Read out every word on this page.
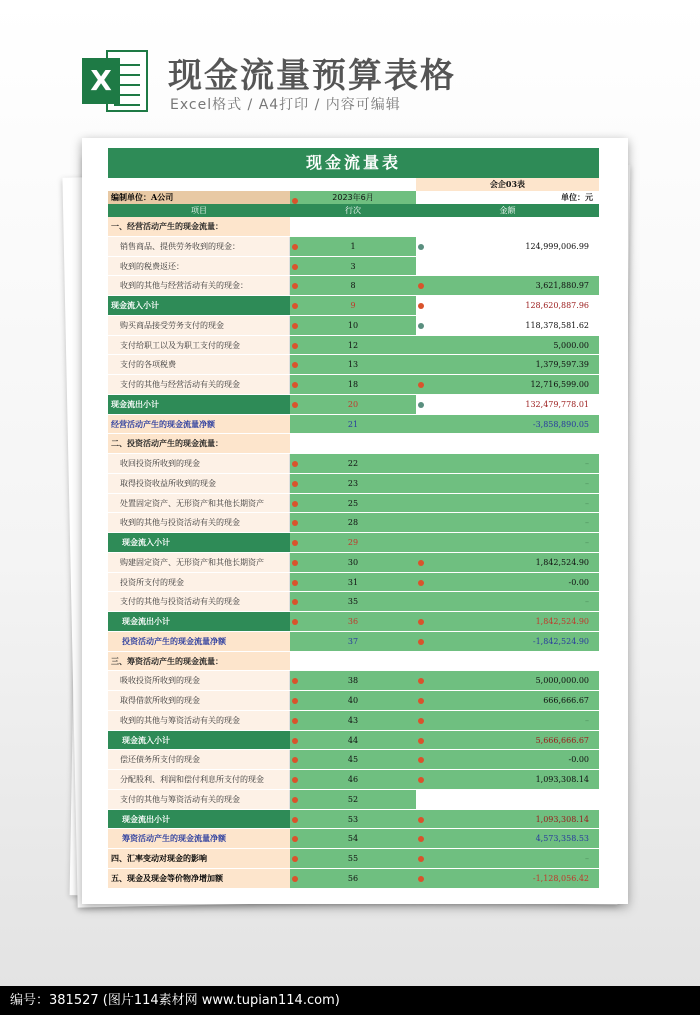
X 现金流量预算表格
Excel格式 / A4打印 / 内容可编辑
现金流量表
会企03表
编制单位：A公司	2023年6月	单位：元
项目	行次	金额
一、经营活动产生的现金流量：
销售商品、提供劳务收到的现金：	1	124,999,006.99
收到的税费返还：	3
收到的其他与经营活动有关的现金：	8	3,621,880.97
现金流入小计	9	128,620,887.96
购买商品接受劳务支付的现金	10	118,378,581.62
支付给职工以及为职工支付的现金	12	5,000.00
支付的各项税费	13	1,379,597.39
支付的其他与经营活动有关的现金	18	12,716,599.00
现金流出小计	20	132,479,778.01
经营活动产生的现金流量净额	21	-3,858,890.05
二、投资活动产生的现金流量：
收回投资所收到的现金	22	–
取得投资收益所收到的现金	23	–
处置固定资产、无形资产和其他长期资产	25	–
收到的其他与投资活动有关的现金	28	–
现金流入小计	29	–
购建固定资产、无形资产和其他长期资产	30	1,842,524.90
投资所支付的现金	31	-0.00
支付的其他与投资活动有关的现金	35	–
现金流出小计	36	1,842,524.90
投资活动产生的现金流量净额	37	-1,842,524.90
三、筹资活动产生的现金流量：
吸收投资所收到的现金	38	5,000,000.00
取得借款所收到的现金	40	666,666.67
收到的其他与筹资活动有关的现金	43	–
现金流入小计	44	5,666,666.67
偿还债务所支付的现金	45	-0.00
分配股利、利润和偿付利息所支付的现金	46	1,093,308.14
支付的其他与筹资活动有关的现金	52
现金流出小计	53	1,093,308.14
筹资活动产生的现金流量净额	54	4,573,358.53
四、汇率变动对现金的影响	55	–
五、现金及现金等价物净增加额	56	-1,128,056.42
编号：381527 (图片114素材网 www.tupian114.com)
